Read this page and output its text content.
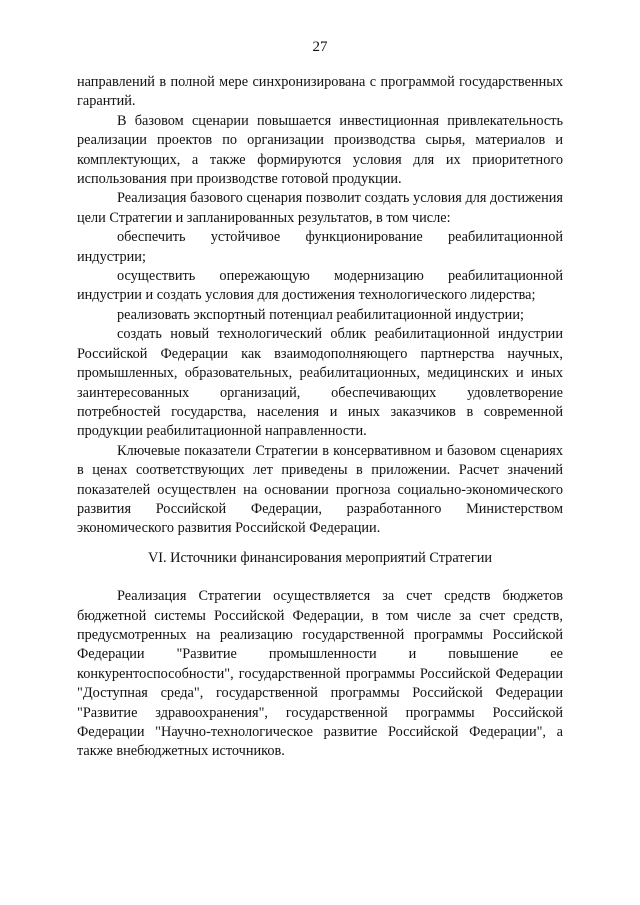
27

направлений в полной мере синхронизирована с программой государственных гарантий.

В базовом сценарии повышается инвестиционная привлекательность реализации проектов по организации производства сырья, материалов и комплектующих, а также формируются условия для их приоритетного использования при производстве готовой продукции.

Реализация базового сценария позволит создать условия для достижения цели Стратегии и запланированных результатов, в том числе:

обеспечить устойчивое функционирование реабилитационной индустрии;

осуществить опережающую модернизацию реабилитационной индустрии и создать условия для достижения технологического лидерства;

реализовать экспортный потенциал реабилитационной индустрии;

создать новый технологический облик реабилитационной индустрии Российской Федерации как взаимодополняющего партнерства научных, промышленных, образовательных, реабилитационных, медицинских и иных заинтересованных организаций, обеспечивающих удовлетворение потребностей государства, населения и иных заказчиков в современной продукции реабилитационной направленности.

Ключевые показатели Стратегии в консервативном и базовом сценариях в ценах соответствующих лет приведены в приложении. Расчет значений показателей осуществлен на основании прогноза социально-экономического развития Российской Федерации, разработанного Министерством экономического развития Российской Федерации.

VI. Источники финансирования мероприятий Стратегии

Реализация Стратегии осуществляется за счет средств бюджетов бюджетной системы Российской Федерации, в том числе за счет средств, предусмотренных на реализацию государственной программы Российской Федерации "Развитие промышленности и повышение ее конкурентоспособности", государственной программы Российской Федерации "Доступная среда", государственной программы Российской Федерации "Развитие здравоохранения", государственной программы Российской Федерации "Научно-технологическое развитие Российской Федерации", а также внебюджетных источников.
